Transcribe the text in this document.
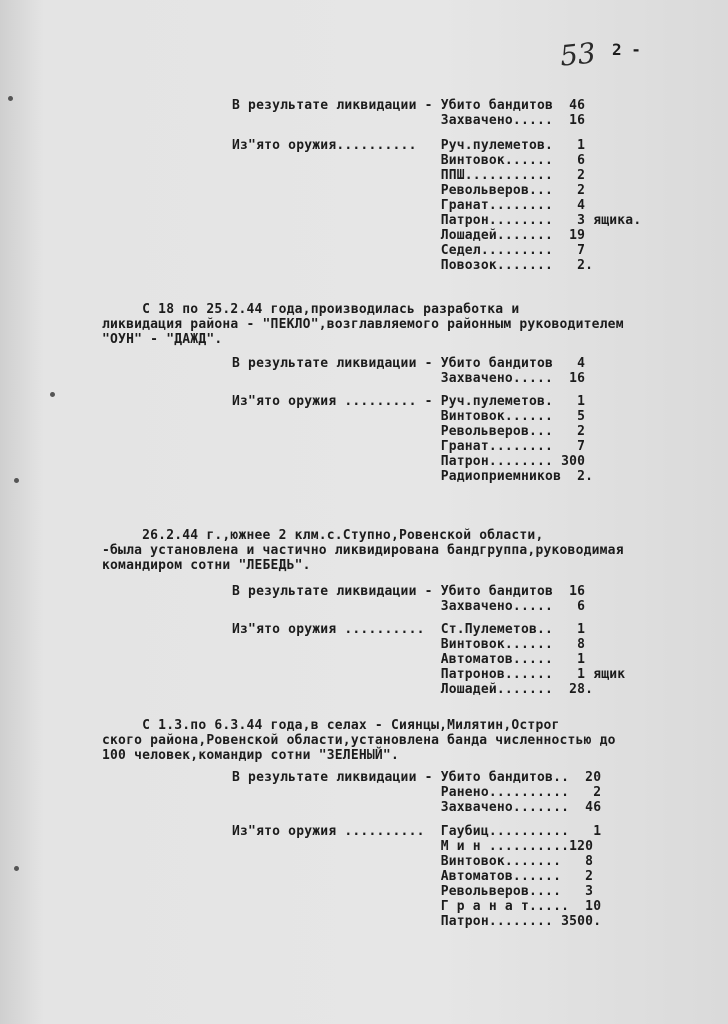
53 2 -
В результате ликвидации - Убито бандитов  46
Захвачено.....  16
Из"ято оружия..........   Руч.пулеметов.   1
Винтовок......   6
ППШ...........   2
Револьверов...   2
Гранат........   4
Патрон........   3 ящика.
Лошадей.......  19
Седел.........   7
Повозок.......   2.
С 18 по 25.2.44 года,производилась разработка и
ликвидация района - "ПЕКЛО",возглавляемого районным руководителем
"ОУН" - "ДАЖД".
В результате ликвидации - Убито бандитов   4
Захвачено.....  16
Из"ято оружия ......... - Руч.пулеметов.   1
Винтовок......   5
Револьверов...   2
Гранат........   7
Патрон........ 300
Радиоприемников  2.
26.2.44 г.,южнее 2 клм.с.Ступно,Ровенской области,
-была установлена и частично ликвидирована бандгруппа,руководимая
командиром сотни "ЛЕБЕДЬ".
В результате ликвидации - Убито бандитов  16
Захвачено.....   6
Из"ято оружия ..........  Ст.Пулеметов..   1
Винтовок......   8
Автоматов.....   1
Патронов......   1 ящик
Лошадей.......  28.
С 1.3.по 6.3.44 года,в селах - Сиянцы,Милятин,Острог
ского района,Ровенской области,установлена банда численностью до
100 человек,командир сотни "ЗЕЛЕНЫЙ".
В результате ликвидации - Убито бандитов..  20
Ранено..........   2
Захвачено.......  46
Из"ято оружия ..........  Гаубиц..........   1
М и н ..........120
Винтовок.......   8
Автоматов......   2
Револьверов....   3
Г р а н а т.....  10
Патрон........ 3500.
